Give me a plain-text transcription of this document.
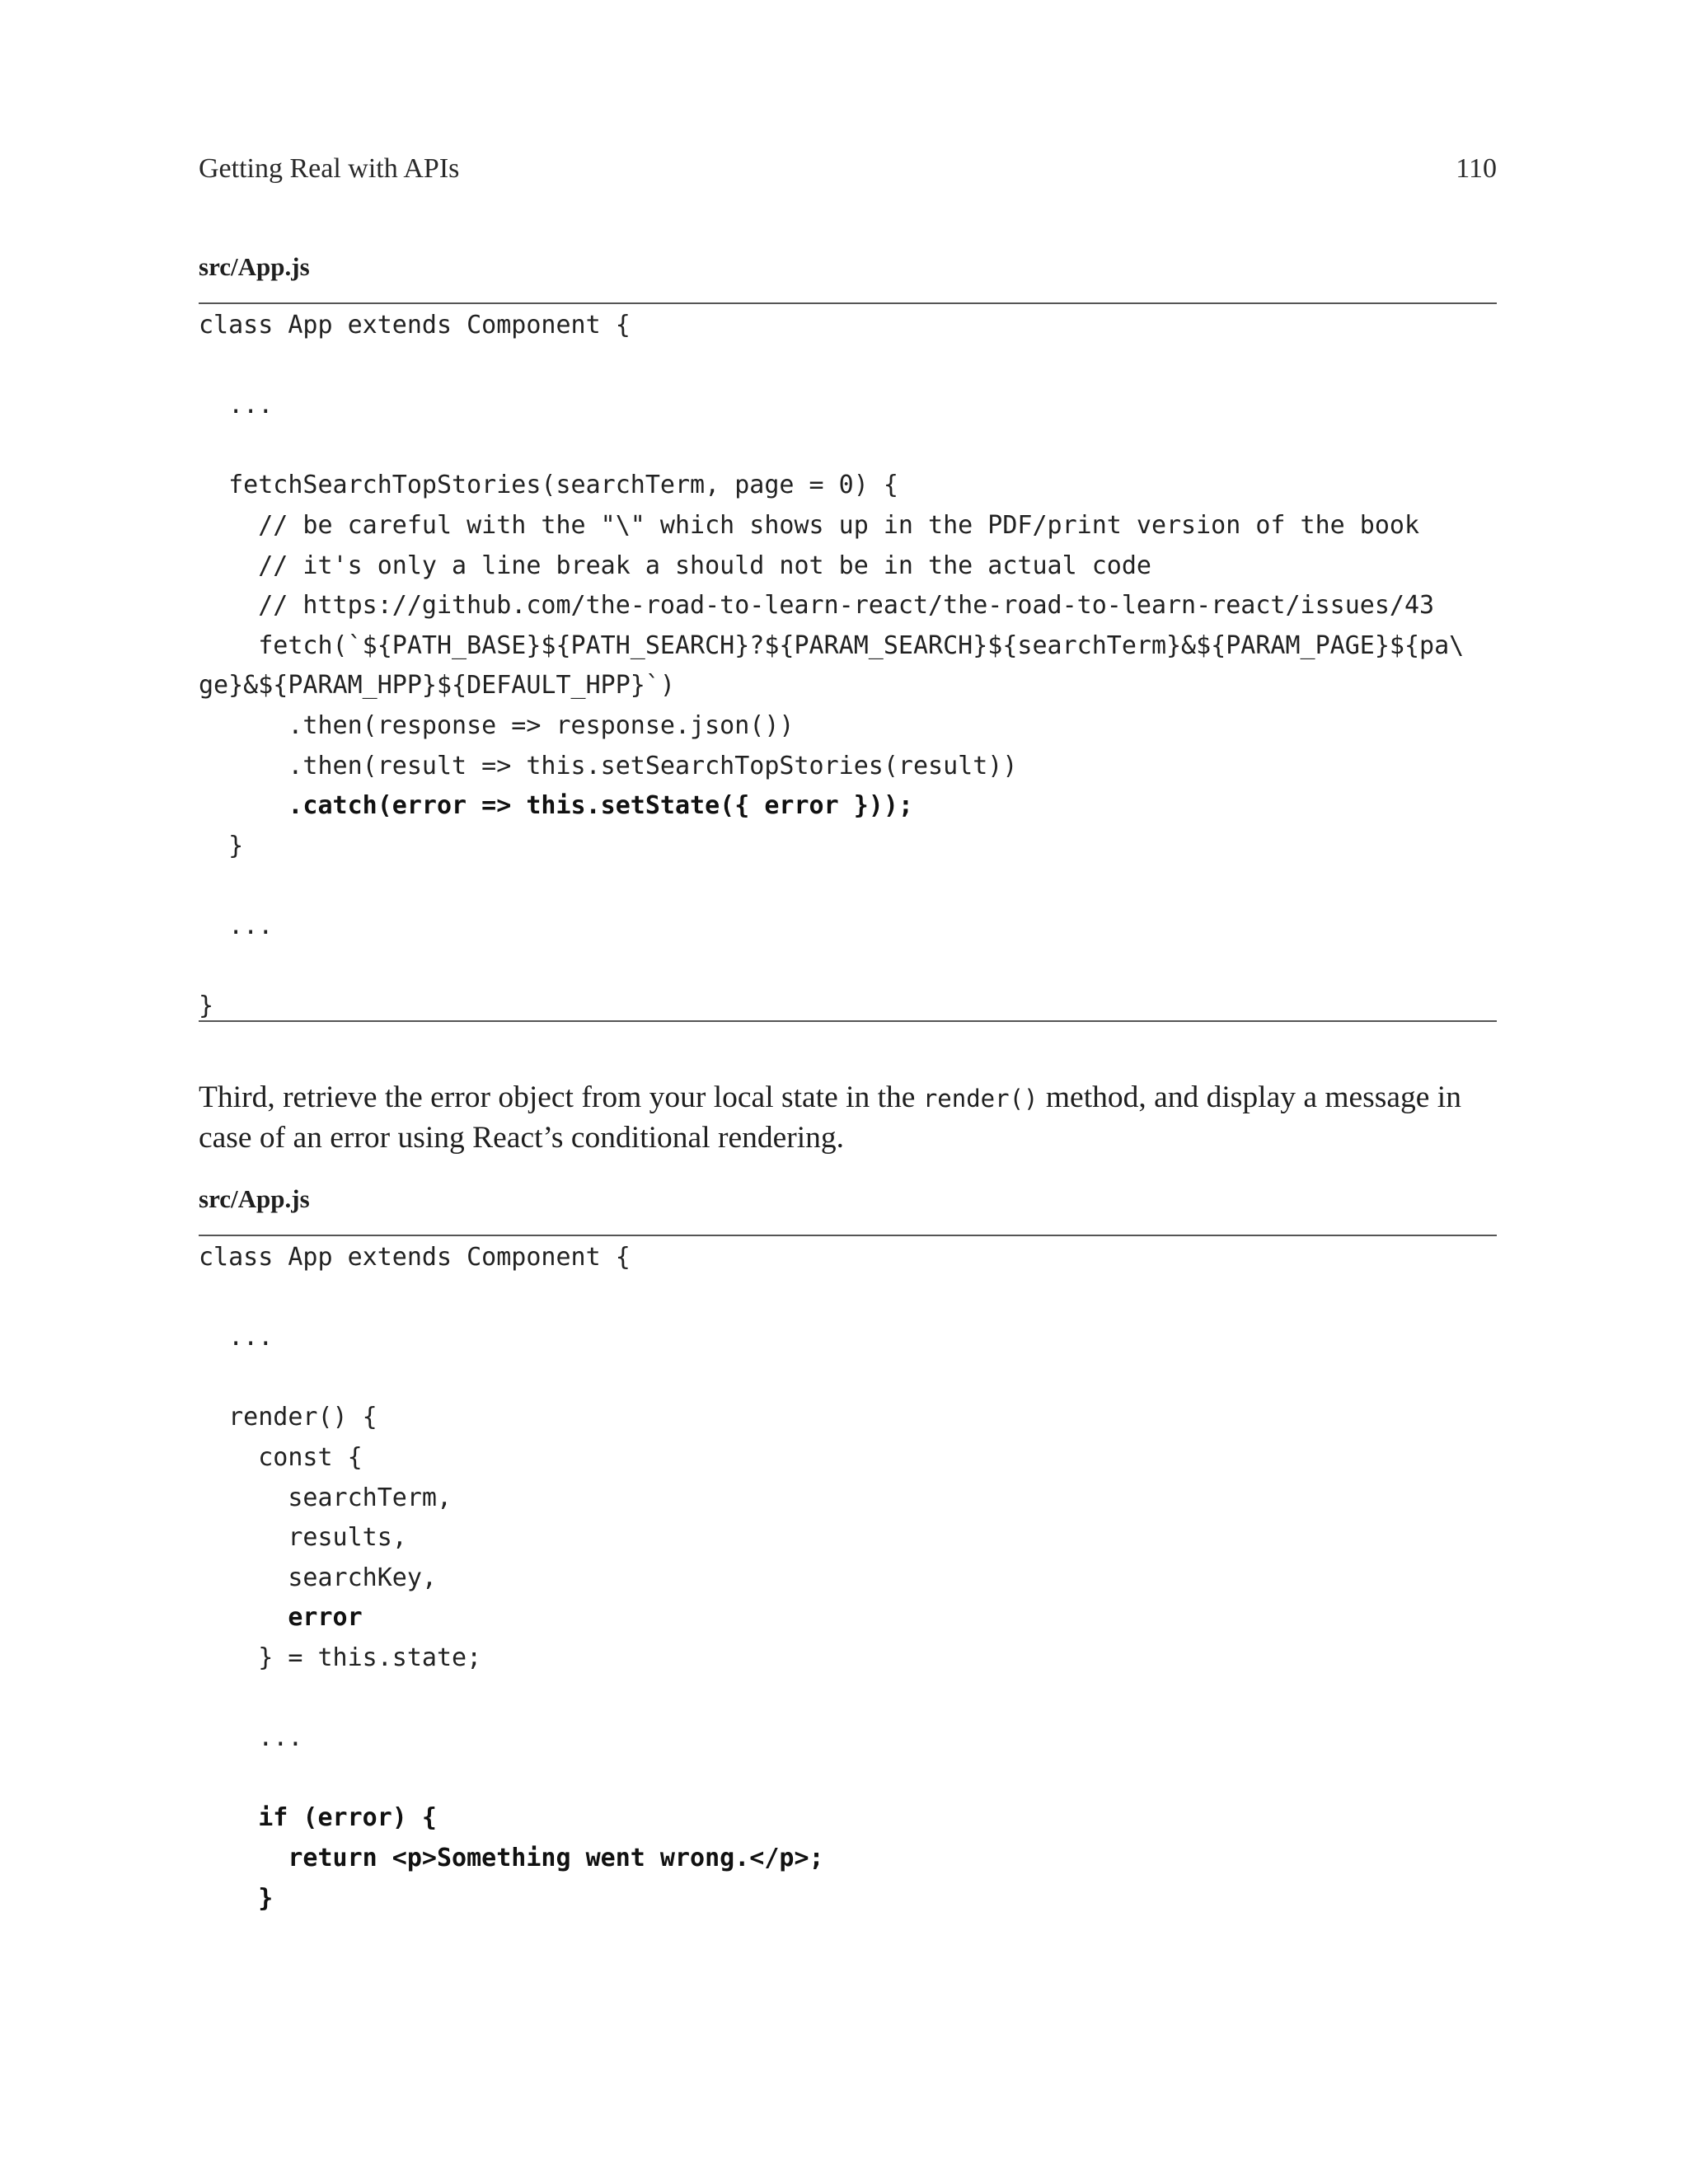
Getting Real with APIs	110
src/App.js
class App extends Component {
...
fetchSearchTopStories(searchTerm, page = 0) {
// be careful with the "\" which shows up in the PDF/print version of the book
// it's only a line break a should not be in the actual code
// https://github.com/the-road-to-learn-react/the-road-to-learn-react/issues/43
fetch(`${PATH_BASE}${PATH_SEARCH}?${PARAM_SEARCH}${searchTerm}&${PARAM_PAGE}${pa\
ge}&${PARAM_HPP}${DEFAULT_HPP}`)
.then(response => response.json())
.then(result => this.setSearchTopStories(result))
.catch(error => this.setState({ error }));
}
...
}

Third, retrieve the error object from your local state in the render() method, and display a message in case of an error using React’s conditional rendering.

src/App.js
class App extends Component {
...
render() {
const {
searchTerm,
results,
searchKey,
error
} = this.state;
...
if (error) {
return <p>Something went wrong.</p>;
}
